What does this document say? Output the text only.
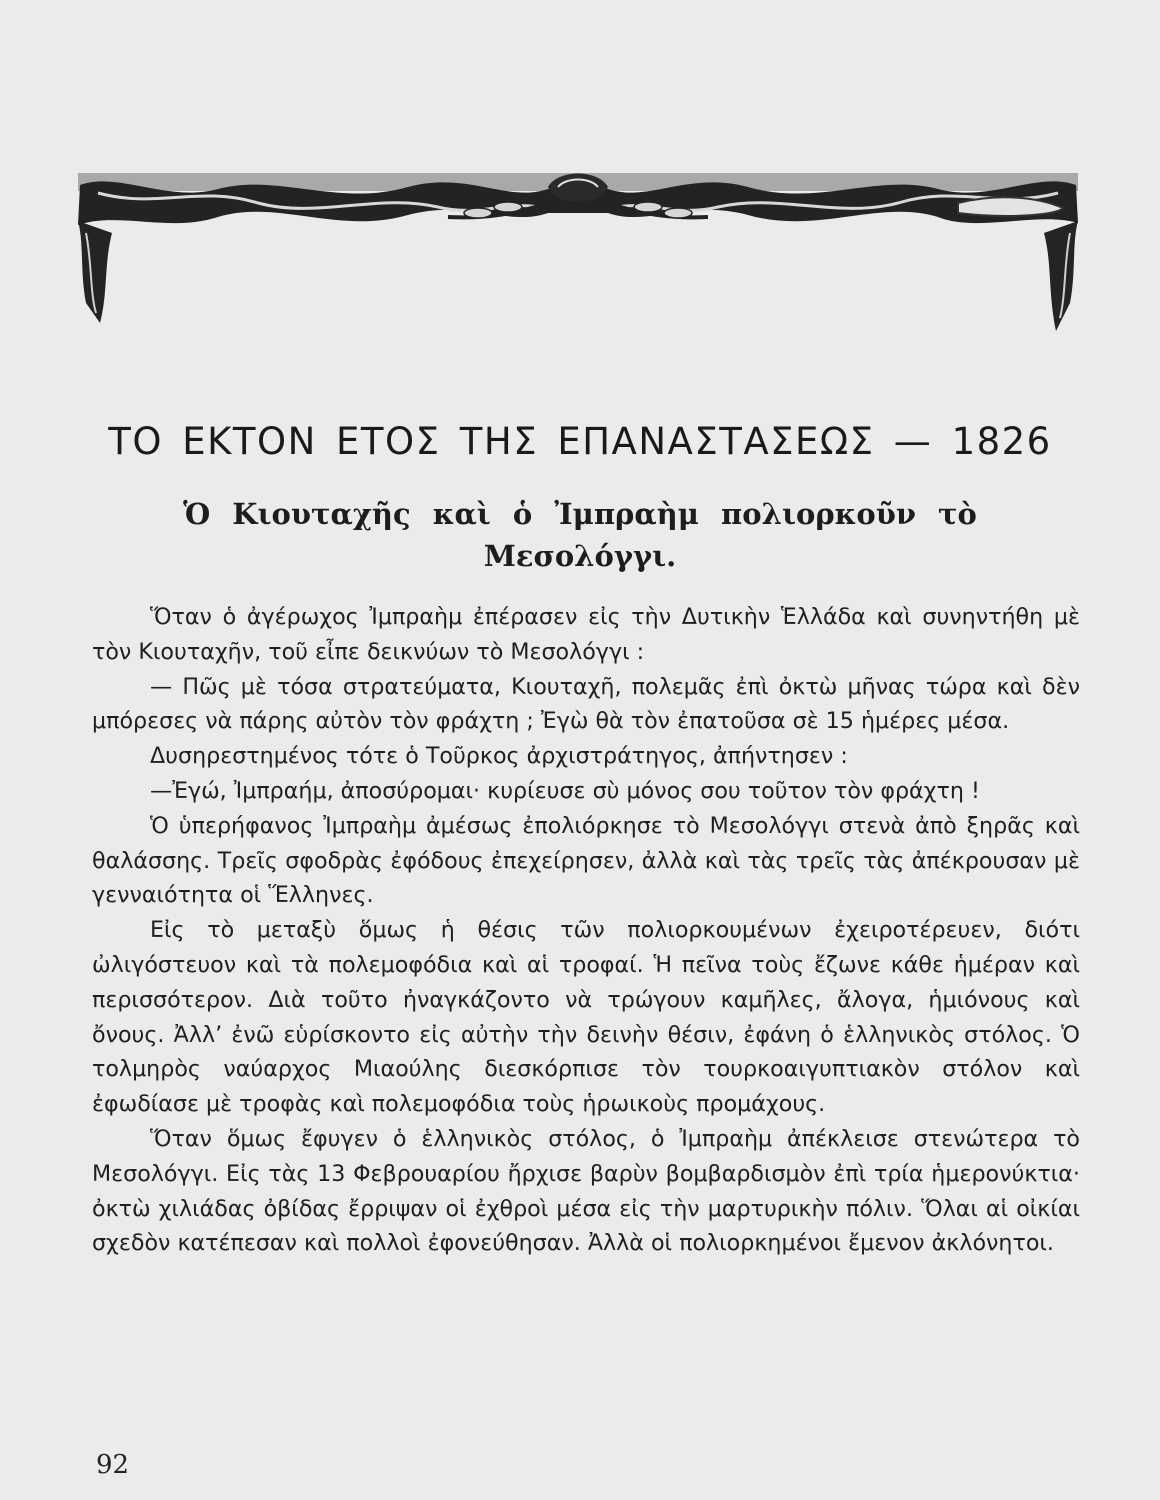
ΤΟ ΕΚΤΟΝ ΕΤΟΣ ΤΗΣ ΕΠΑΝΑΣΤΑΣΕΩΣ — 1826
Ὁ Κιουταχῆς καὶ ὁ Ἰμπραὴμ πολιορκοῦν τὸ Μεσολόγγι.

Ὅταν ὁ ἀγέρωχος Ἰμπραὴμ ἐπέρασεν εἰς τὴν Δυτικὴν Ἑλλάδα καὶ συνηντήθη μὲ τὸν Κιουταχῆν, τοῦ εἶπε δεικνύων τὸ Μεσολόγγι :

— Πῶς μὲ τόσα στρατεύματα, Κιουταχῆ, πολεμᾶς ἐπὶ ὀκτὼ μῆνας τώρα καὶ δὲν μπόρεσες νὰ πάρης αὐτὸν τὸν φράχτη ; Ἐγὼ θὰ τὸν ἐπατοῦσα σὲ 15 ἡμέρες μέσα.

Δυσηρεστημένος τότε ὁ Τοῦρκος ἀρχιστράτηγος, ἀπήντησεν :

—Ἐγώ, Ἰμπραήμ, ἀποσύρομαι· κυρίευσε σὺ μόνος σου τοῦτον τὸν φράχτη !

Ὁ ὑπερήφανος Ἰμπραὴμ ἀμέσως ἐπολιόρκησε τὸ Μεσολόγγι στενὰ ἀπὸ ξηρᾶς καὶ θαλάσσης. Τρεῖς σφοδρὰς ἐφόδους ἐπεχείρησεν, ἀλλὰ καὶ τὰς τρεῖς τὰς ἀπέκρουσαν μὲ γενναιότητα οἱ Ἕλληνες.

Εἰς τὸ μεταξὺ ὅμως ἡ θέσις τῶν πολιορκουμένων ἐχειροτέρευεν, διότι ὠλιγόστευον καὶ τὰ πολεμοφόδια καὶ αἱ τροφαί. Ἡ πεῖνα τοὺς ἔζωνε κάθε ἡμέραν καὶ περισσότερον. Διὰ τοῦτο ἠναγκάζοντο νὰ τρώγουν καμῆλες, ἄλογα, ἡμιόνους καὶ ὄνους. Ἀλλ’ ἐνῶ εὑρίσκοντο εἰς αὐτὴν τὴν δεινὴν θέσιν, ἐφάνη ὁ ἑλληνικὸς στόλος. Ὁ τολμηρὸς ναύαρχος Μιαούλης διεσκόρπισε τὸν τουρκοαιγυπτιακὸν στόλον καὶ ἐφωδίασε μὲ τροφὰς καὶ πολεμοφόδια τοὺς ἡρωικοὺς προμάχους.

Ὅταν ὅμως ἔφυγεν ὁ ἑλληνικὸς στόλος, ὁ Ἰμπραὴμ ἀπέκλεισε στενώτερα τὸ Μεσολόγγι. Εἰς τὰς 13 Φεβρουαρίου ἤρχισε βαρὺν βομβαρδισμὸν ἐπὶ τρία ἡμερονύκτια· ὀκτὼ χιλιάδας ὀβίδας ἔρριψαν οἱ ἐχθροὶ μέσα εἰς τὴν μαρτυρικὴν πόλιν. Ὅλαι αἱ οἰκίαι σχεδὸν κατέπεσαν καὶ πολλοὶ ἐφονεύθησαν. Ἀλλὰ οἱ πολιορκημένοι ἔμενον ἀκλόνητοι.

92
